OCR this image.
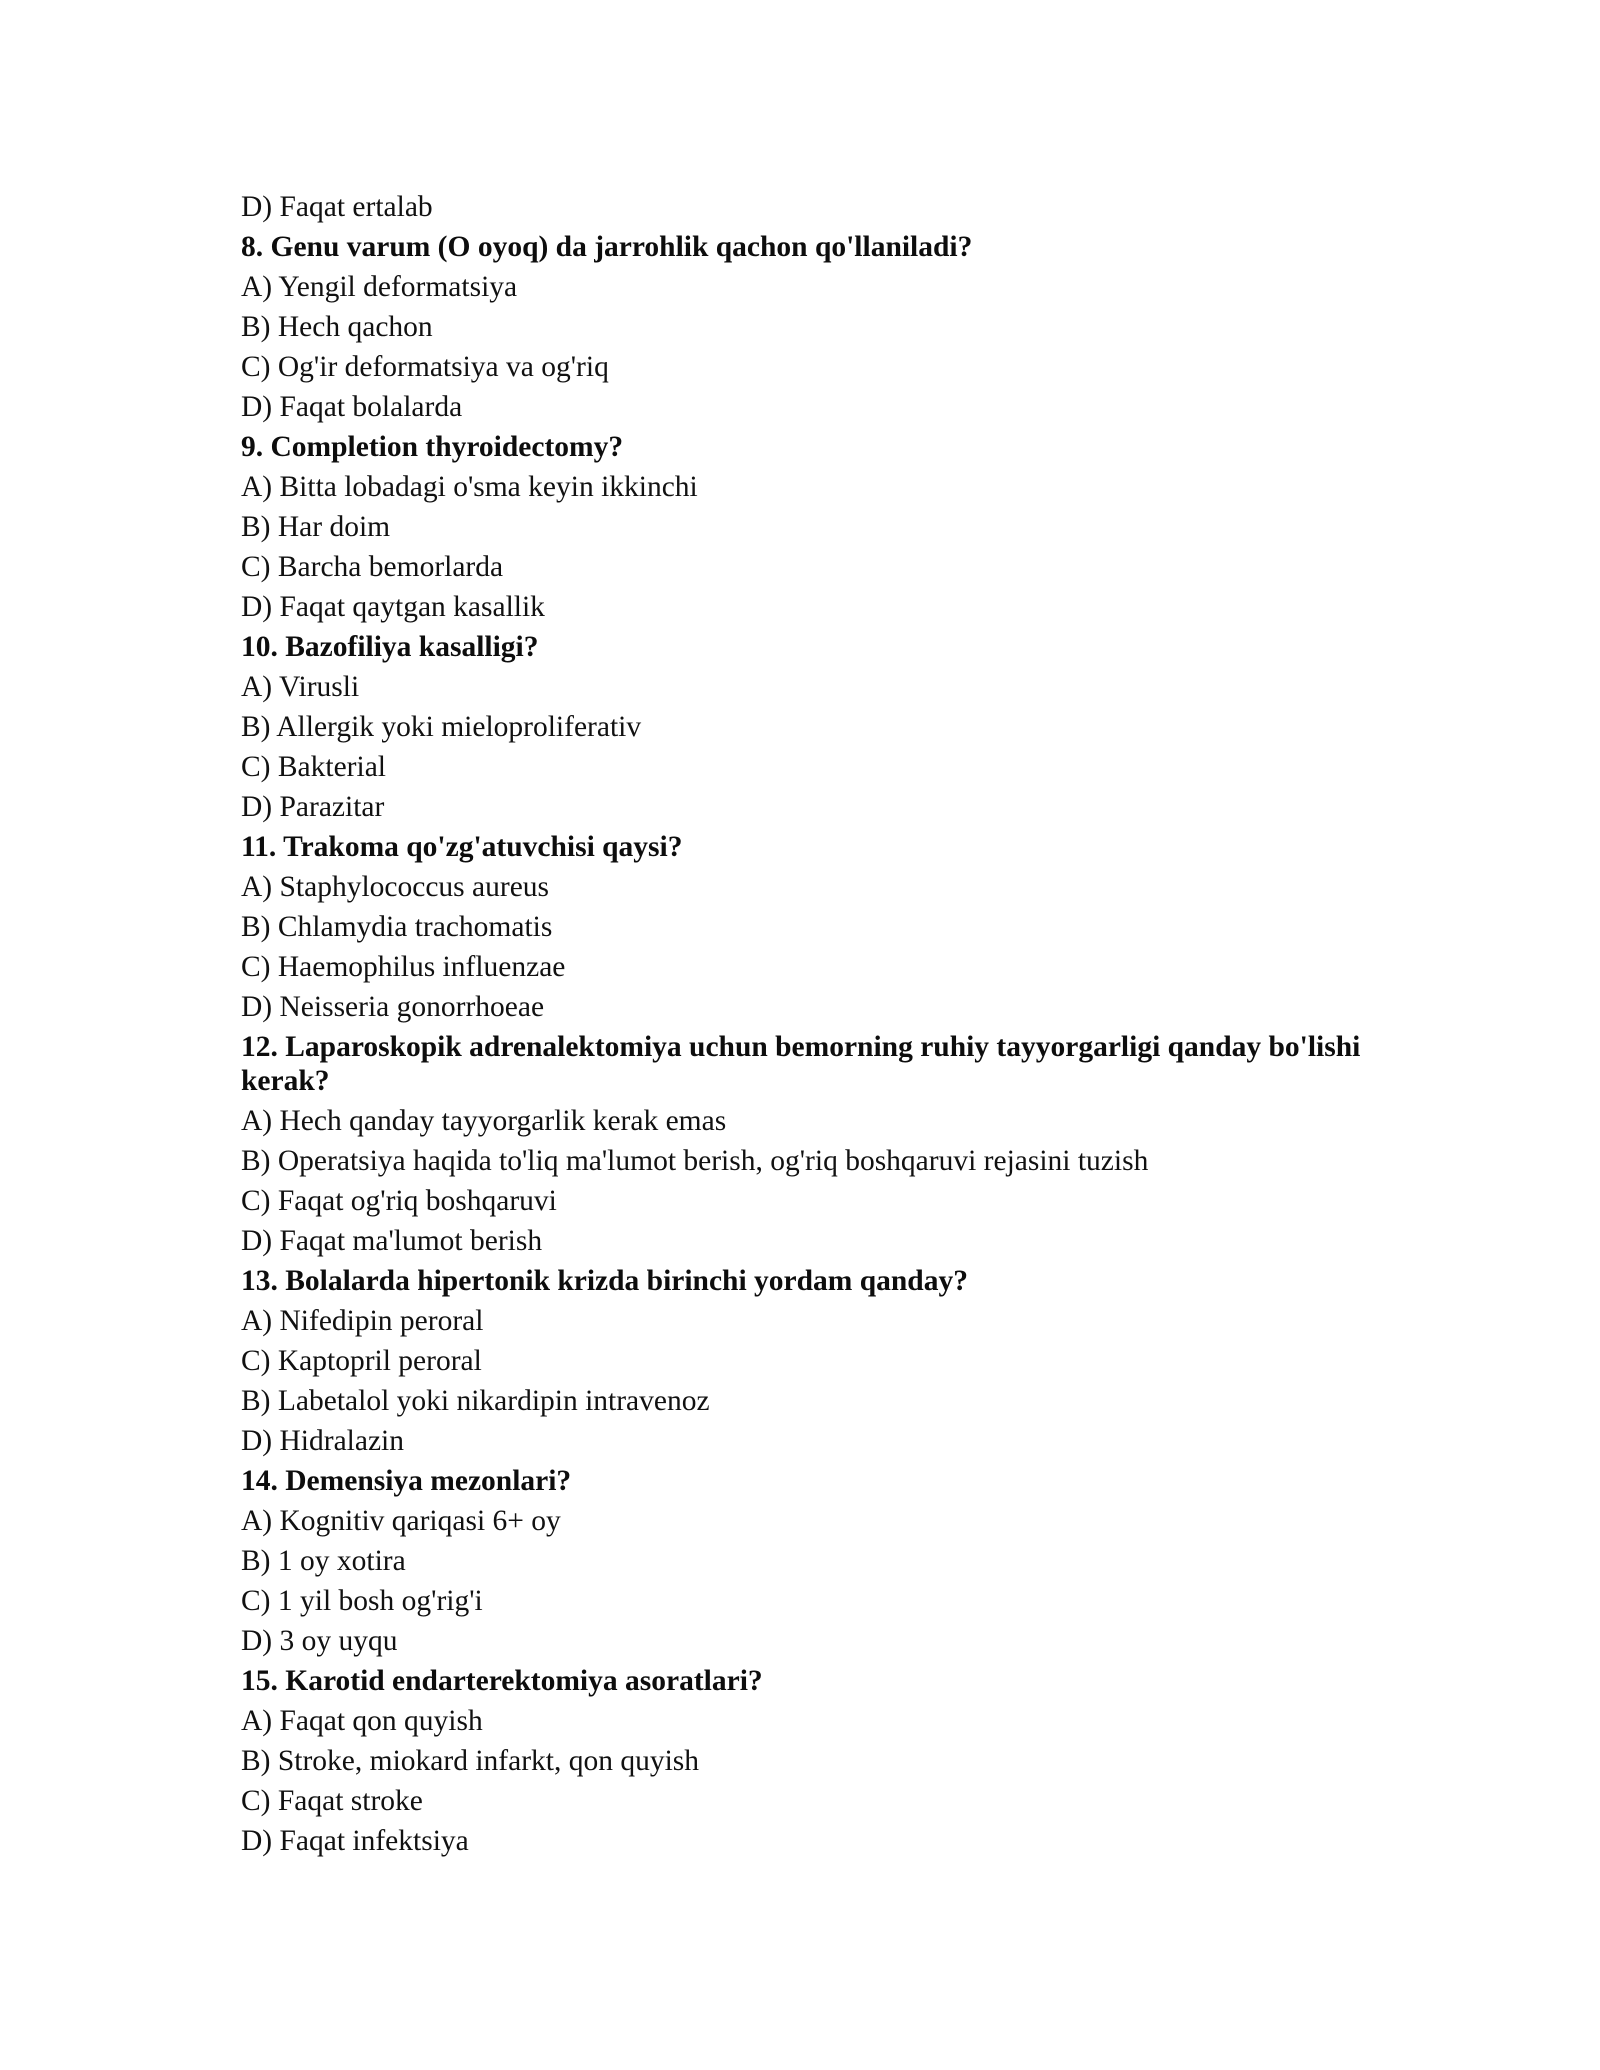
D) Faqat ertalab

8. Genu varum (O oyoq) da jarrohlik qachon qo'llaniladi?

A) Yengil deformatsiya

B) Hech qachon

C) Og'ir deformatsiya va og'riq

D) Faqat bolalarda

9. Completion thyroidectomy?

A) Bitta lobadagi o'sma keyin ikkinchi

B) Har doim

C) Barcha bemorlarda

D) Faqat qaytgan kasallik

10. Bazofiliya kasalligi?

A) Virusli

B) Allergik yoki mieloproliferativ

C) Bakterial

D) Parazitar

11. Trakoma qo'zg'atuvchisi qaysi?

A) Staphylococcus aureus

B) Chlamydia trachomatis

C) Haemophilus influenzae

D) Neisseria gonorrhoeae

12. Laparoskopik adrenalektomiya uchun bemorning ruhiy tayyorgarligi qanday bo'lishi kerak?

A) Hech qanday tayyorgarlik kerak emas

B) Operatsiya haqida to'liq ma'lumot berish, og'riq boshqaruvi rejasini tuzish

C) Faqat og'riq boshqaruvi

D) Faqat ma'lumot berish

13. Bolalarda hipertonik krizda birinchi yordam qanday?

A) Nifedipin peroral

C) Kaptopril peroral

B) Labetalol yoki nikardipin intravenoz

D) Hidralazin

14. Demensiya mezonlari?

A) Kognitiv qariqasi 6+ oy

B) 1 oy xotira

C) 1 yil bosh og'rig'i

D) 3 oy uyqu

15. Karotid endarterektomiya asoratlari?

A) Faqat qon quyish

B) Stroke, miokard infarkt, qon quyish

C) Faqat stroke

D) Faqat infektsiya
